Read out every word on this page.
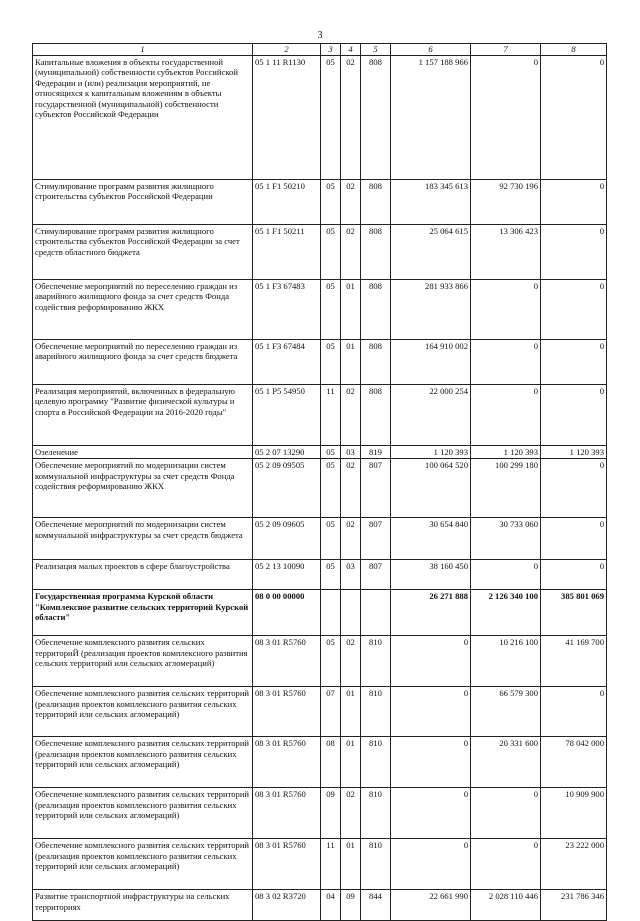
3
1	2	3	4	5	6	7	8
Капитальные вложения в объекты государственной (муниципальной) собственности субъектов Российской Федерации и (или) реализация мероприятий, не относящихся к капитальным вложениям в объекты государственной (муниципальной) собственности субъектов Российской Федерации	05 1 11 R1130	05	02	808	1 157 188 966	0	0
Стимулирование программ развития жилищного строительства субъектов Российской Федерации	05 1 F1 50210	05	02	808	183 345 613	92 730 196	0
Стимулирование программ развития жилищного строительства субъектов Российской Федерации за счет средств областного бюджета	05 1 F1 50211	05	02	808	25 064 615	13 306 423	0
Обеспечение мероприятий по переселению граждан из аварийного жилищного фонда за счет средств Фонда содействия реформированию ЖКХ	05 1 F3 67483	05	01	808	281 933 866	0	0
Обеспечение мероприятий по переселению граждан из аварийного жилищного фонда за счет средств бюджета	05 1 F3 67484	05	01	808	164 910 002	0	0
Реализация мероприятий, включенных в федеральную целевую программу "Развитие физической культуры и спорта в Российской Федерации на 2016-2020 годы"	05 1 P5 54950	11	02	808	22 000 254	0	0
Озеленение	05 2 07 13290	05	03	819	1 120 393	1 120 393	1 120 393
Обеспечение мероприятий по модернизации систем коммунальной инфраструктуры за счет средств Фонда содействия реформированию ЖКХ	05 2 09 09505	05	02	807	100 064 520	100 299 180	0
Обеспечение мероприятий по модернизации систем коммунальной инфраструктуры за счет средств бюджета	05 2 09 09605	05	02	807	30 654 840	30 733 060	0
Реализация малых проектов в сфере благоустройства	05 2 13 10090	05	03	807	38 160 450	0	0
Государственная программа Курской области "Комплексное развитие сельских территорий Курской области"	08 0 00 00000				26 271 888	2 126 340 100	385 801 069
Обеспечение комплексного развития сельских территориЙ (реализация проектов комплексного развития сельских территорий или сельских агломераций)	08 3 01 R5760	05	02	810	0	10 216 100	41 169 700
Обеспечение комплексного развития сельских территорий (реализация проектов комплексного развития сельских территорий или сельских агломераций)	08 3 01 R5760	07	01	810	0	66 579 300	0
Обеспечение комплексного развития сельских территорий (реализация проектов комплексного развития сельских территорий или сельских агломераций)	08 3 01 R5760	08	01	810	0	20 331 600	78 042 000
Обеспечение комплексного развития сельских территорий (реализация проектов комплексного развития сельских территорий или сельских агломераций)	08 3 01 R5760	09	02	810	0	0	10 909 900
Обеспечение комплексного развития сельских территорий (реализация проектов комплексного развития сельских территорий или сельских агломераций)	08 3 01 R5760	11	01	810	0	0	23 222 000
Развитие транспортной инфраструктуры на сельских территориях	08 3 02 R3720	04	09	844	22 661 990	2 028 110 446	231 786 346
